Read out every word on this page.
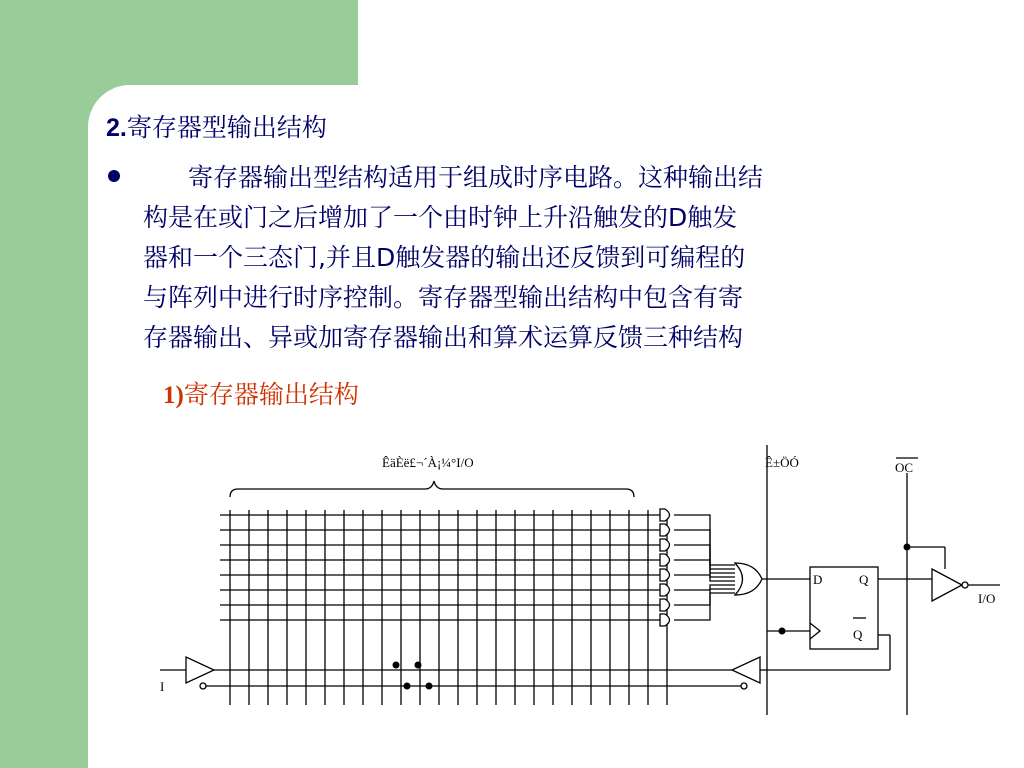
2.寄存器型输出结构
寄存器输出型结构适用于组成时序电路。这种输出结
构是在或门之后增加了一个由时钟上升沿触发的D触发
器和一个三态门,并且D触发器的输出还反馈到可编程的
与阵列中进行时序控制。寄存器型输出结构中包含有寄
存器输出、异或加寄存器输出和算术运算反馈三种结构
1)寄存器输出结构
ÊäÈë£¬´À¡¼°I/O	Ê±ÖÓ	OC
D	Q
Q
I/O
I
